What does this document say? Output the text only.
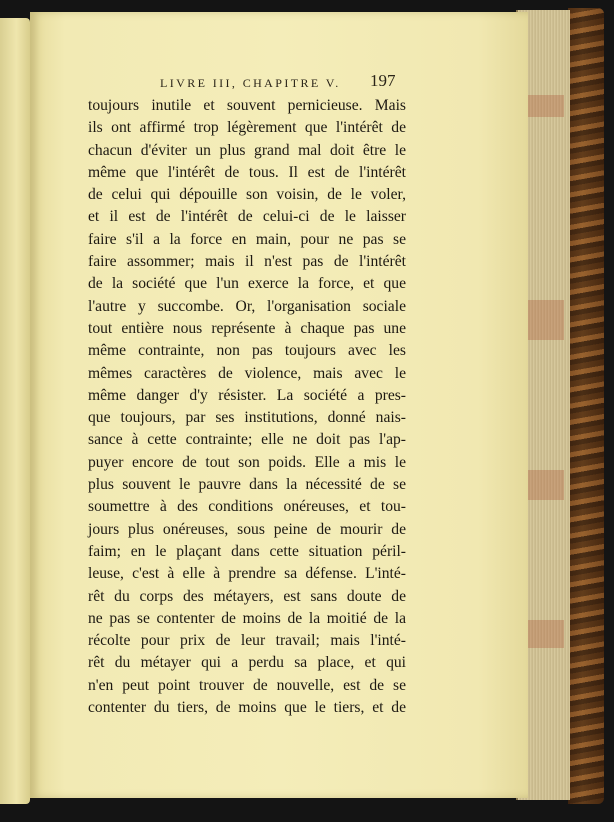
LIVRE III, CHAPITRE V. 197
toujours inutile et souvent pernicieuse. Mais
ils ont affirmé trop légèrement que l'intérêt de
chacun d'éviter un plus grand mal doit être le
même que l'intérêt de tous. Il est de l'intérêt
de celui qui dépouille son voisin, de le voler,
et il est de l'intérêt de celui-ci de le laisser
faire s'il a la force en main, pour ne pas se
faire assommer; mais il n'est pas de l'intérêt
de la société que l'un exerce la force, et que
l'autre y succombe. Or, l'organisation sociale
tout entière nous représente à chaque pas une
même contrainte, non pas toujours avec les
mêmes caractères de violence, mais avec le
même danger d'y résister. La société a pres-
que toujours, par ses institutions, donné nais-
sance à cette contrainte; elle ne doit pas l'ap-
puyer encore de tout son poids. Elle a mis le
plus souvent le pauvre dans la nécessité de se
soumettre à des conditions onéreuses, et tou-
jours plus onéreuses, sous peine de mourir de
faim; en le plaçant dans cette situation péril-
leuse, c'est à elle à prendre sa défense. L'inté-
rêt du corps des métayers, est sans doute de
ne pas se contenter de moins de la moitié de la
récolte pour prix de leur travail; mais l'inté-
rêt du métayer qui a perdu sa place, et qui
n'en peut point trouver de nouvelle, est de se
contenter du tiers, de moins que le tiers, et de
